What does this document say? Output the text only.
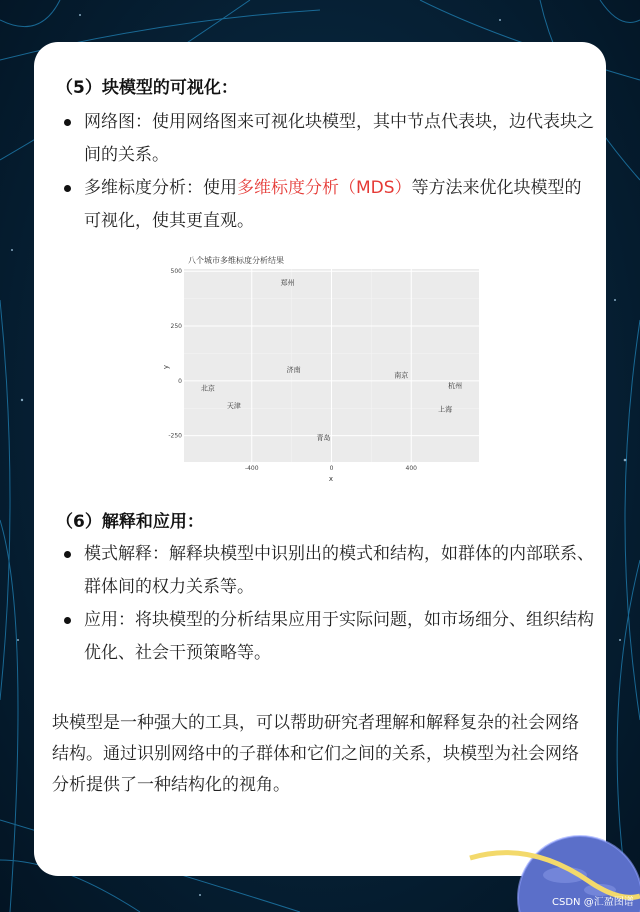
（5）块模型的可视化：
网络图：使用网络图来可视化块模型，其中节点代表块，边代表块之间的关系。
多维标度分析：使用多维标度分析（MDS）等方法来优化块模型的可视化，使其更直观。
八个城市多维标度分析结果
-400	0	400
-250
0
250
500
郑州
济南
南京
杭州
北京
天津	上海
青岛
x
y
（6）解释和应用：
模式解释：解释块模型中识别出的模式和结构，如群体的内部联系、群体间的权力关系等。
应用：将块模型的分析结果应用于实际问题，如市场细分、组织结构优化、社会干预策略等。

块模型是一种强大的工具，可以帮助研究者理解和解释复杂的社会网络结构。通过识别网络中的子群体和它们之间的关系，块模型为社会网络分析提供了一种结构化的视角。

CSDN @汇盈图谱
